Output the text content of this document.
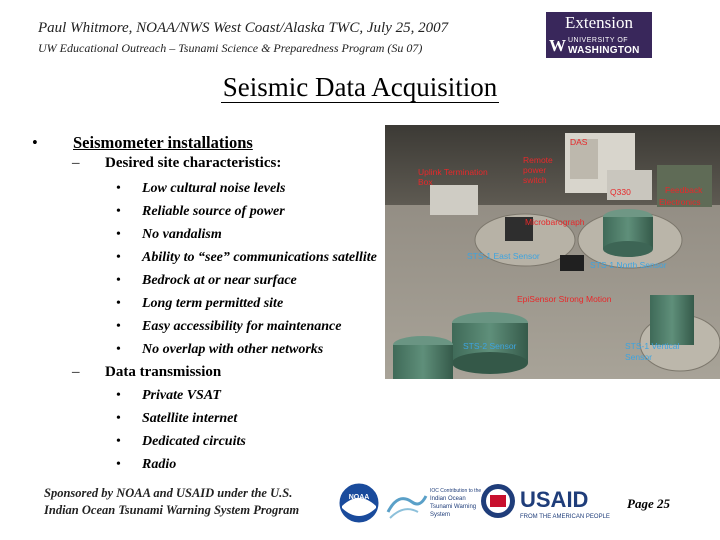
Paul Whitmore, NOAA/NWS West Coast/Alaska TWC, July 25, 2007
UW Educational Outreach – Tsunami Science & Preparedness Program (Su 07)
Extension
W UNIVERSITY OF
WASHINGTON
Seismic Data Acquisition
• Seismometer installations
– Desired site characteristics:
• Low cultural noise levels
• Reliable source of power
• No vandalism
• Ability to “see” communications satellite
• Bedrock at or near surface
• Long term permitted site
• Easy accessibility for maintenance
• No overlap with other networks
– Data transmission
• Private VSAT
• Satellite internet
• Dedicated circuits
• Radio
Uplink Termination
Box
Remote
power
switch
DAS
Q330	Feedback
Electronics
Microbarograph
STS-1 East Sensor
STS-1 North Sensor
EpiSensor Strong Motion
STS-2 Sensor	STS-1 Vertical
Sensor
Sponsored by NOAA and USAID under the U.S.
Indian Ocean Tsunami Warning System Program
NOAA
IOC Contribution to the
Indian Ocean
Tsunami Warning
System
USAID
FROM THE AMERICAN PEOPLE
Page 25
